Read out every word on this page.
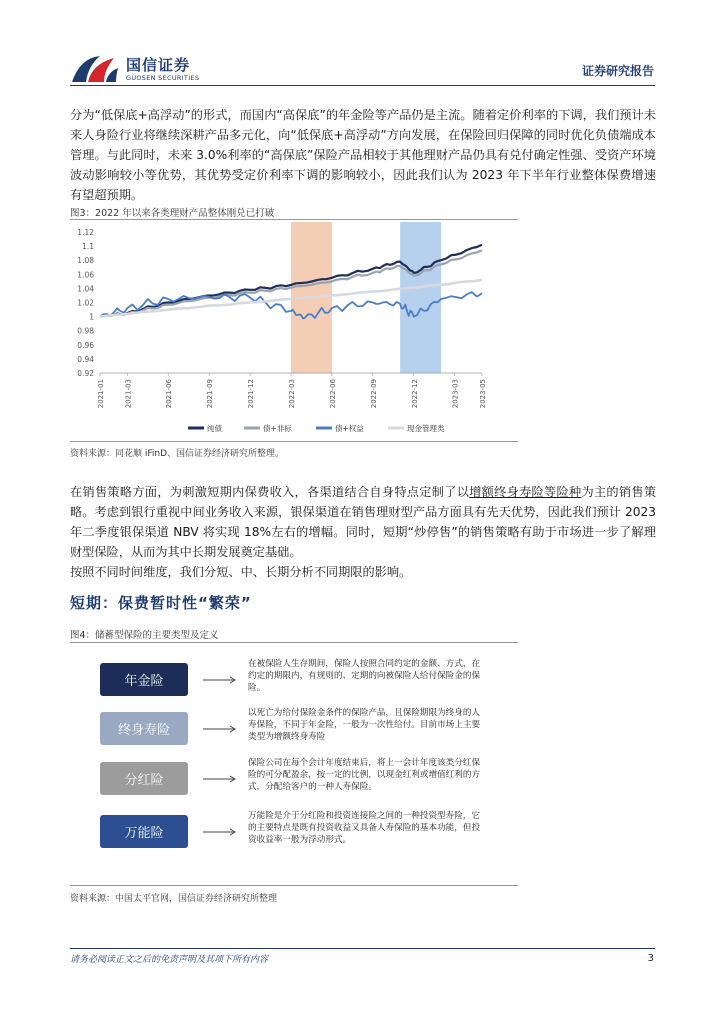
国信证券
GUOSEN SECURITIES	证券研究报告
分为“低保底+高浮动”的形式，而国内“高保底”的年金险等产品仍是主流。随着定价利率的下调，我们预计未来人身险行业将继续深耕产品多元化，向“低保底+高浮动”方向发展，在保险回归保障的同时优化负债端成本管理。与此同时，未来 3.0%利率的“高保底”保险产品相较于其他理财产品仍具有兑付确定性强、受资产环境波动影响较小等优势，其优势受定价利率下调的影响较小，因此我们认为 2023 年下半年行业整体保费增速有望超预期。
图3：2022 年以来各类理财产品整体刚兑已打破
0.92
0.94
0.96
0.98
1
1.02
1.04
1.06
1.08
1.1
1.12
2021-01	2021-03	2021-06	2021-09	2021-12	2022-03	2022-06	2022-09	2022-12	2023-03	2023-05
纯债	债+非标	债+权益	现金管理类
资料来源：同花顺 iFinD、国信证券经济研究所整理。
在销售策略方面，为刺激短期内保费收入，各渠道结合自身特点定制了以增额终身寿险等险种为主的销售策略。考虑到银行重视中间业务收入来源，银保渠道在销售理财型产品方面具有先天优势，因此我们预计 2023 年二季度银保渠道 NBV 将实现 18%左右的增幅。同时，短期“炒停售”的销售策略有助于市场进一步了解理财型保险，从而为其中长期发展奠定基础。
按照不同时间维度，我们分短、中、长期分析不同期限的影响。
短期：保费暂时性“繁荣”
图4：储蓄型保险的主要类型及定义
年金险
在被保险人生存期间，保险人按照合同约定的金额、方式，在约定的期限内，有规则的、定期的向被保险人给付保险金的保险。
终身寿险
以死亡为给付保险金条件的保险产品，且保险期限为终身的人寿保险，不同于年金险，一般为一次性给付。目前市场上主要类型为增额终身寿险
分红险
保险公司在每个会计年度结束后，将上一会计年度该类分红保险的可分配盈余，按一定的比例，以现金红利或增值红利的方式，分配给客户的一种人寿保险。
万能险
万能险是介于分红险和投资连接险之间的一种投资型寿险，它的主要特点是既有投资收益又具备人寿保险的基本功能，但投资收益率一般为浮动形式。
资料来源：中国太平官网，国信证券经济研究所整理
请务必阅读正文之后的免责声明及其项下所有内容	3
